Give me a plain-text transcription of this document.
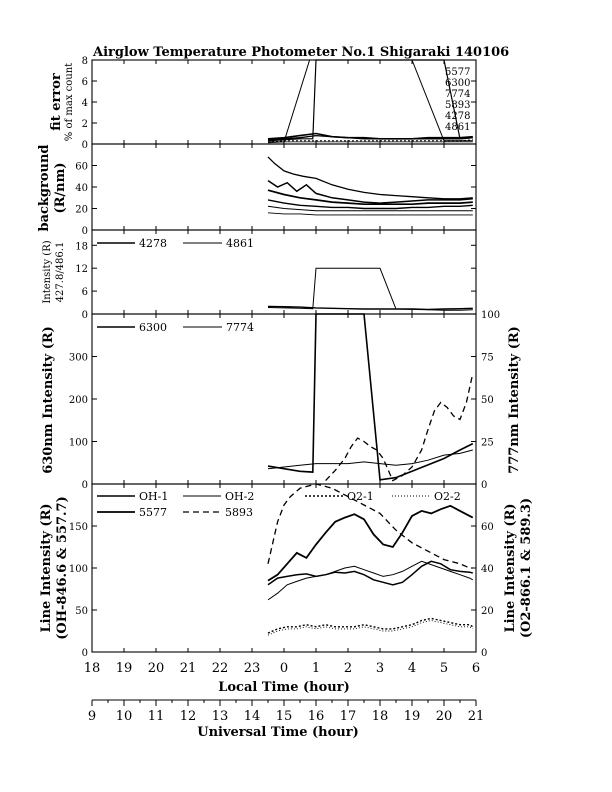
Airglow Temperature Photometer No.1 Shigaraki 140106
0
2
4
6
8
5577
6300
7774
5893
4278
4861
fit error % of max count
0
20
40
60
background (R/nm)
0
6
12
18	4278	4861
Intensity (R) 427.8/486.1
0
100
200
300
0
25
50
75
100
6300	7774
630nm Intensity (R)	777nm Intensity (R)
0
50
100
150
0
20
40
60
OH-1	OH-2	O2-1	O2-2
5577	5893
Line Intensity (R) (OH-846.6 & 557.7)	Line Intensity (R) (O2-866.1 & 589.3)
18 19 20 21 22 23 0 1 2 3 4 5 6
Local Time (hour)
9 10 11 12 13 14 15 16 17 18 19 20 21
Universal Time (hour)
